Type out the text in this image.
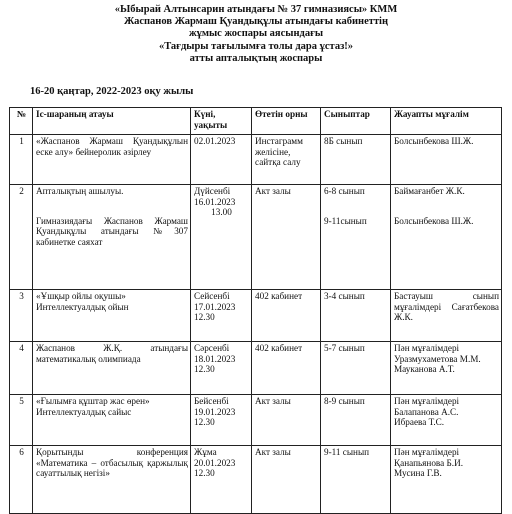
«Ыбырай Алтынсарин атындағы № 37 гимназиясы» КММ
Жаспанов Жармаш Қуандықұлы атындағы кабинеттің
жұмыс жоспары аясындағы
«Тағдыры тағылымға толы дара ұстаз!»
атты апталықтың жоспары
16-20 қаңтар, 2022-2023 оқу жылы
№	Іс-шараның атауы	Күні, уақыты	Өтетін орны	Сыныптар	Жауапты мұғалім
1	«Жаспанов Жармаш Қуандықұлын еске алу» бейнеролик әзірлеу	02.01.2023	Инстаграмм желісіне, сайтқа салу	8Б сынып	Болсынбекова Ш.Ж.
2	Апталықтың ашылуы.
Гимназиядағы Жаспанов Жармаш Қуандықұлы атындағы №307 кабинетке саяхат	Дүйсенбі
16.01.2023
13.00	Акт залы	6-8 сынып
9-11сынып	Баймағанбет Ж.К.
Болсынбекова Ш.Ж.

3	«Ұшқыр ойлы оқушы» Интеллектуалдық ойын	Сейсенбі
17.01.2023
12.30	402 кабинет	3-4 сынып	Бастауыш сынып мұғалімдері Сағатбекова Ж.К.
4	Жаспанов Ж.Қ. атындағы математикалық олимпиада	Сәрсенбі
18.01.2023
12.30	402 кабинет	5-7 сынып	Пән мұғалімдері
Уразмухаметова М.М.
Мауканова А.Т.

5	«Ғылымға құштар жас өрен» Интеллектуалдық сайыс	Бейсенбі
19.01.2023
12.30	Акт залы	8-9 сынып	Пән мұғалімдері
Балапанова А.С.
Ибраева Т.С.

6	Қорытынды конференция «Математика – отбасылық қаржылық сауаттылық негізі»	Жұма
20.01.2023
12.30	Акт залы	9-11 сынып	Пән мұғалімдері
Қанапьянова Б.И.
Мусина Г.В.
